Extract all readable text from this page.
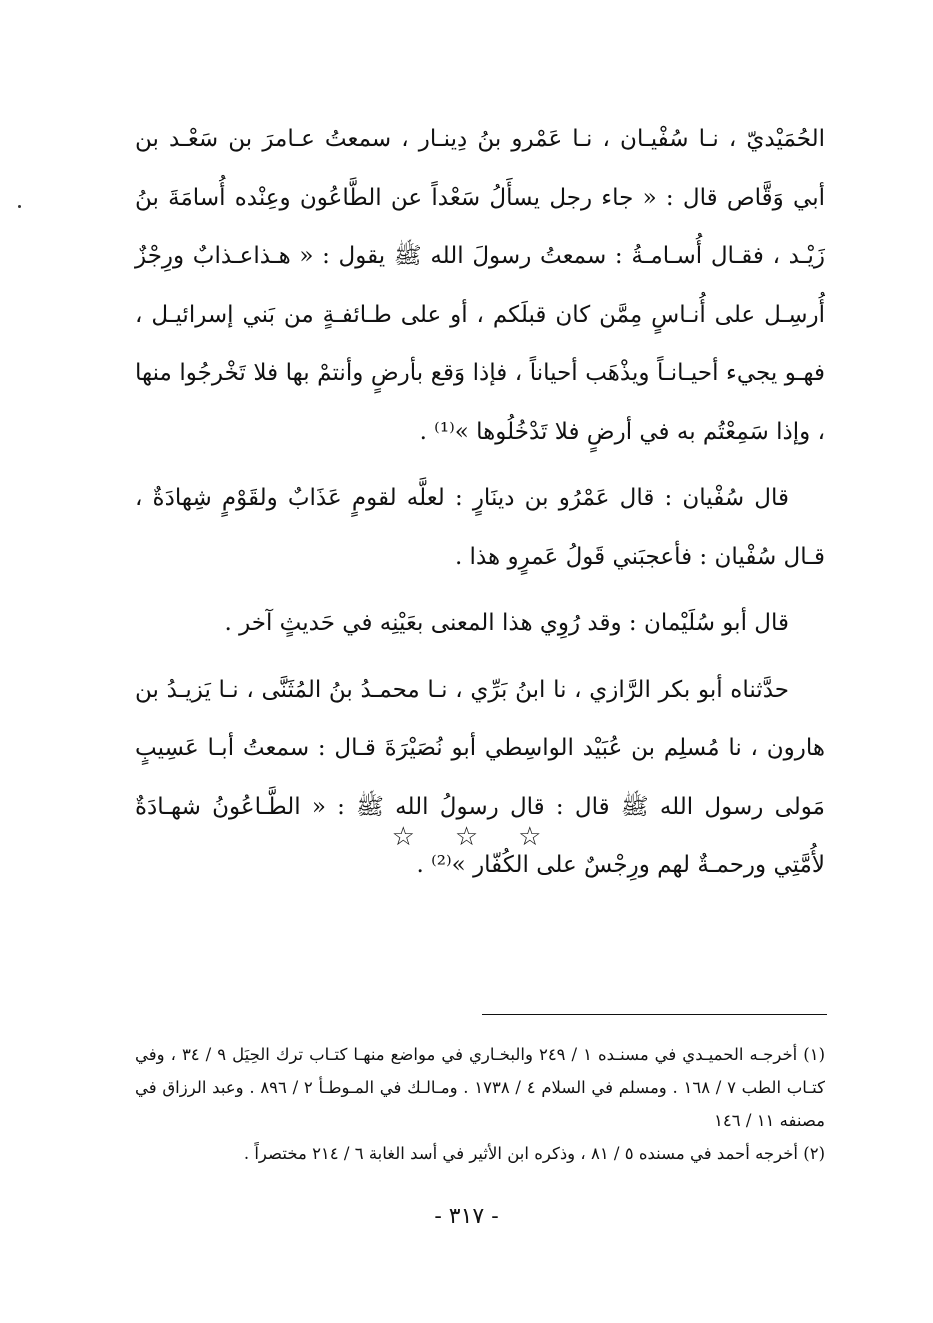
الحُمَيْديّ ، نـا سُفْيـان ، نـا عَمْرو بنُ دِينـار ، سمعتُ عـامرَ بن سَعْـد بن أبي وَقَّاص قال : « جاء رجل يسأَلُ سَعْداً عن الطَّاعُون وعِنْده أُسامَةَ بنُ زَيْـد ، فقـال أُسـامـةُ : سمعتُ رسولَ الله ﷺ يقول : « هـذاعـذابٌ ورِجْزٌ أُرسِـل على أُنـاسٍ مِمَّن كان قبلَكم ، أو على طـائفـةٍ من بَني إسرائيـل ، فهـو يجيء أحيـانـاً ويذْهَب أحياناً ، فإذا وَقع بأرضٍ وأنتمْ بها فلا تَخْرجُوا منها ، وإذا سَمِعْتُم به في أرضٍ فلا تَدْخُلُوها »⁽¹⁾ .

قال سُفْيان : قال عَمْرُو بن دينَارٍ : لعلَّه لقومٍ عَذَابٌ ولقَوْمٍ شِهادَةٌ ، قـال سُفْيان : فأعجبَني قَولُ عَمرٍو هذا .

قال أبو سُلَيْمان : وقد رُوِي هذا المعنى بعَيْنِه في حَديثٍ آخر .

حدَّثناه أبو بكر الرَّازي ، نا ابنُ بَرِّي ، نـا محمـدُ بنُ المُثَنَّى ، نـا يَزيـدُ بن هارون ، نا مُسلِم بن عُبَيْد الواسِطي أبو نُصَيْرَةَ قـال : سمعتُ أبـا عَسِيبٍ مَولى رسول الله ﷺ قال : قال رسولُ الله ﷺ : « الطَّـاعُونُ شهـادَةٌ لأُمَّتِي ورحمـةٌ لهم ورِجْسٌ على الكُفّار »⁽²⁾ .

☆ ☆ ☆

(١) أخرجـه الحميـدي في مسنـده ١ / ٢٤٩ والبخـاري في مواضع منهـا كتـاب ترك الحِيَل ٩ / ٣٤ ، وفي كتـاب الطب ٧ / ١٦٨ . ومسلم في السلام ٤ / ١٧٣٨ . ومـالـك في المـوطـأ ٢ / ٨٩٦ . وعبد الرزاق في مصنفه ١١ / ١٤٦

(٢) أخرجه أحمد في مسنده ٥ / ٨١ ، وذكره ابن الأثير في أسد الغابة ٦ / ٢١٤ مختصراً .

- ٣١٧ -
